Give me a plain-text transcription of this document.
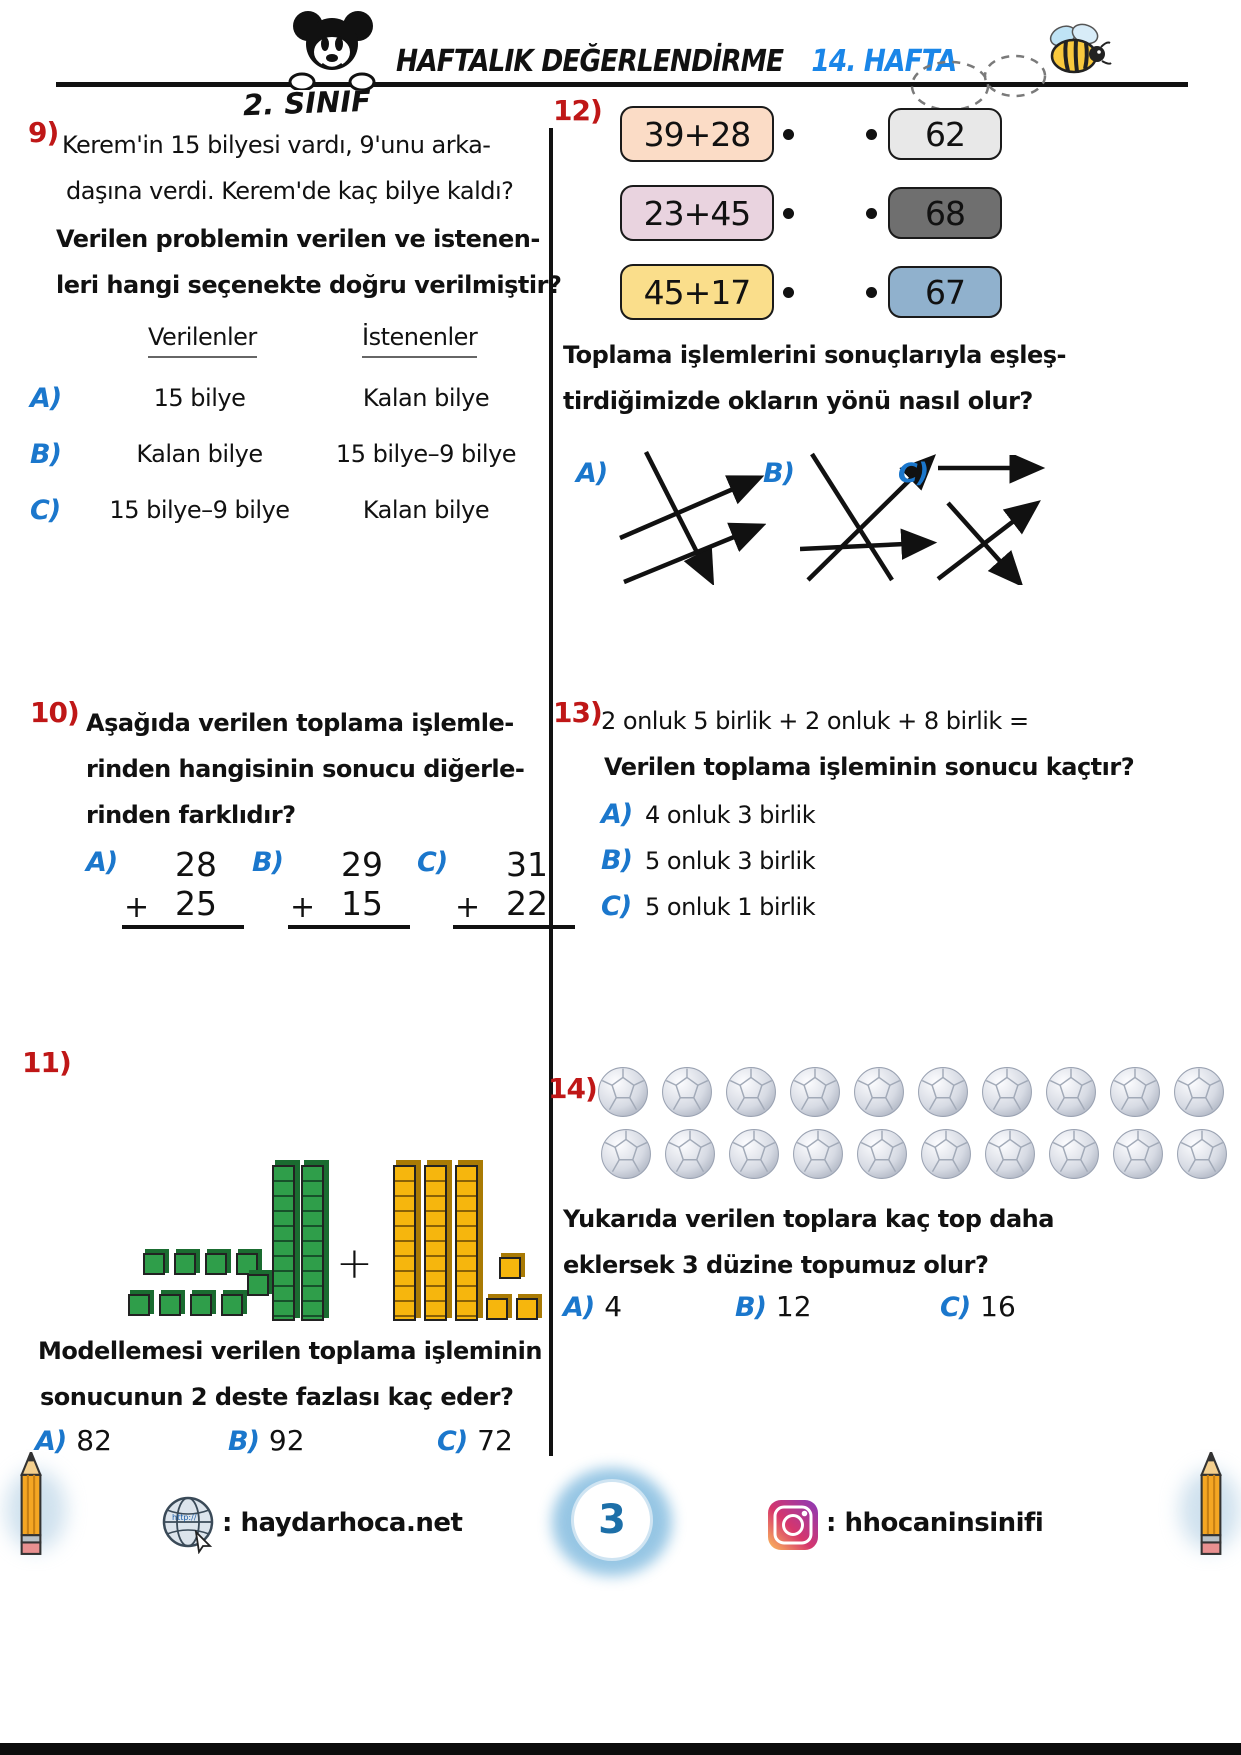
2. SINIF
HAFTALIK DEĞERLENDİRME 14. HAFTA
9) Kerem'in 15 bilyesi vardı, 9'unu arka-
daşına verdi. Kerem'de kaç bilye kaldı?
Verilen problemin verilen ve istenen-
leri hangi seçenekte doğru verilmiştir?
Verilenler	İstenenler
A)	15 bilye	Kalan bilye
B)	Kalan bilye	15 bilye–9 bilye
C)	15 bilye–9 bilye	Kalan bilye
12)
39+28	62
23+45	68
45+17	67
Toplama işlemlerini sonuçlarıyla eşleş-
tirdiğimizde okların yönü nasıl olur?
A)	B)	C)
10) Aşağıda verilen toplama işlemle-
rinden hangisinin sonucu diğerle-
rinden farklıdır?
A)	28
25
+
B)	29
15
+
C)	31
22
+
13) 2 onluk 5 birlik + 2 onluk + 8 birlik =
Verilen toplama işleminin sonucu kaçtır?
A) 4 onluk 3 birlik
B) 5 onluk 3 birlik
C) 5 onluk 1 birlik
11)
+
Modellemesi verilen toplama işleminin
sonucunun 2 deste fazlası kaç eder?
A) 82	B) 92	C) 72
14)
Yukarıda verilen toplara kaç top daha
eklersek 3 düzine topumuz olur?
A) 4	B) 12	C) 16
http:// : haydarhoca.net	3	: hhocaninsinifi
